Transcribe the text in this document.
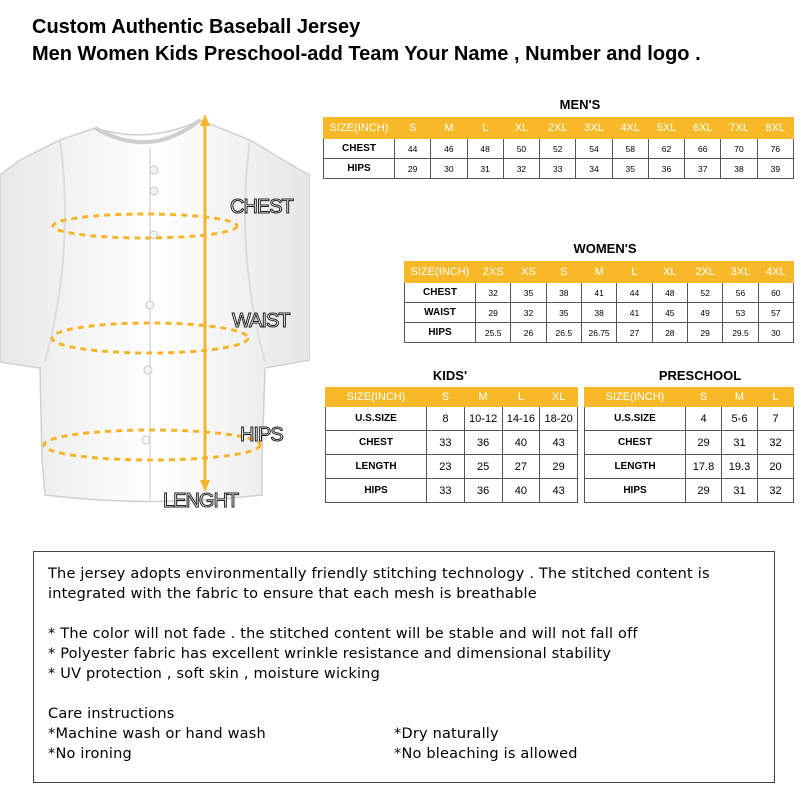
Custom Authentic Baseball Jersey
Men Women Kids Preschool-add Team Your Name , Number and logo .
CHEST
WAIST
HIPS
LENGHT
MEN'S
SIZE(INCH)	S	M	L	XL	2XL	3XL	4XL	5XL	6XL	7XL	8XL
CHEST	44	46	48	50	52	54	58	62	66	70	76
HIPS	29	30	31	32	33	34	35	36	37	38	39
WOMEN'S
SIZE(INCH)	2XS	XS	S	M	L	XL	2XL	3XL	4XL
CHEST	32	35	38	41	44	48	52	56	60
WAIST	29	32	35	38	41	45	49	53	57
HIPS	25.5	26	26.5	26.75	27	28	29	29.5	30
KIDS'
SIZE(INCH)	S	M	L	XL
U.S.SIZE	8	10-12	14-16	18-20
CHEST	33	36	40	43
LENGTH	23	25	27	29
HIPS	33	36	40	43
PRESCHOOL
SIZE(INCH)	S	M	L
U.S.SIZE	4	5-6	7
CHEST	29	31	32
LENGTH	17.8	19.3	20
HIPS	29	31	32

The jersey adopts environmentally friendly stitching technology . The stitched content is

integrated with the fabric to ensure that each mesh is breathable

* The color will not fade . the stitched content will be stable and will not fall off

* Polyester fabric has excellent wrinkle resistance and dimensional stability

* UV protection , soft skin , moisture wicking

Care instructions

*Machine wash or hand wash	*Dry naturally
*No ironing	*No bleaching is allowed
